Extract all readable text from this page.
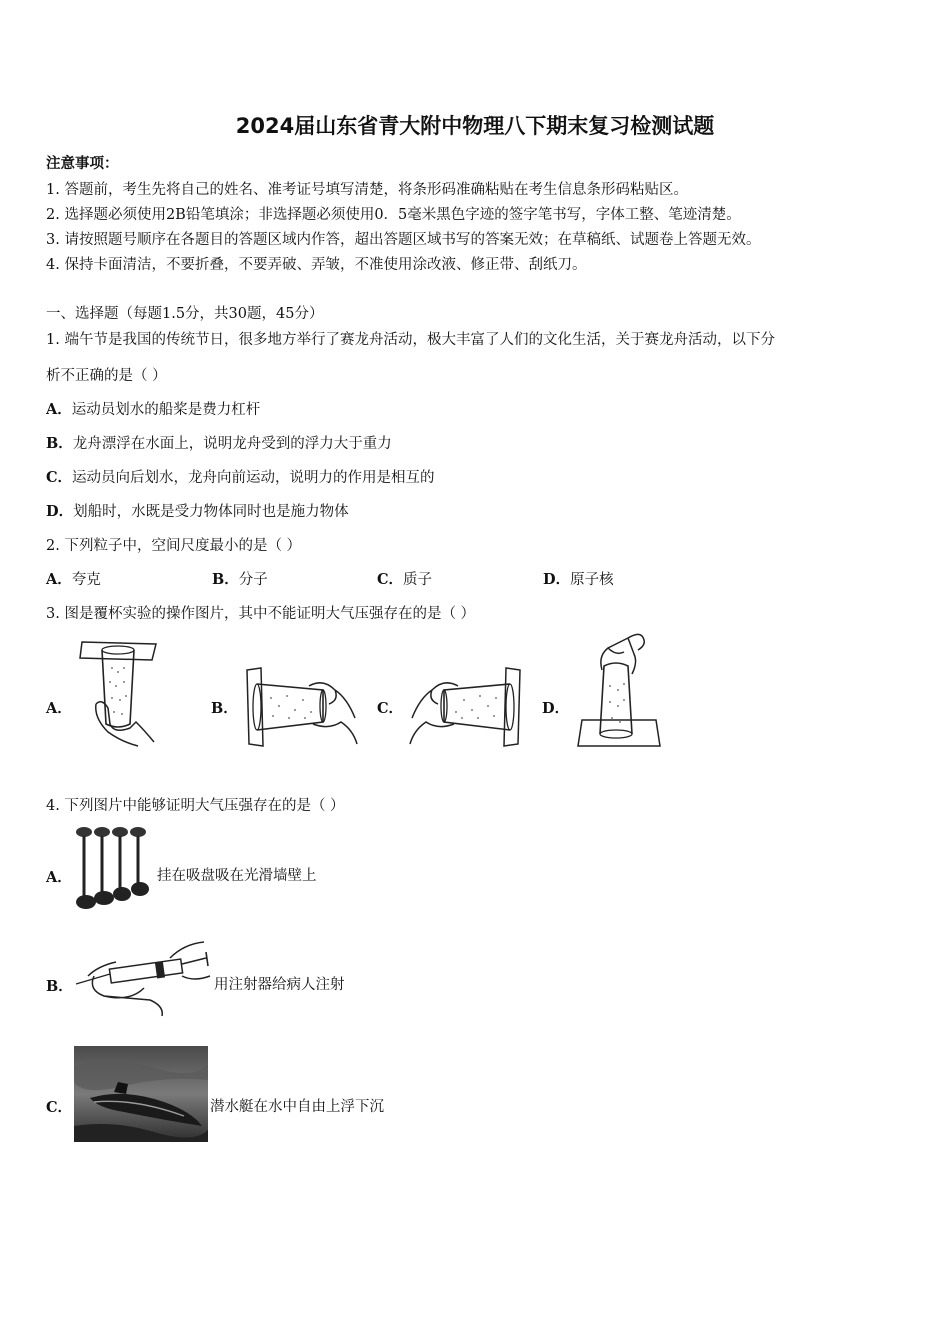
2024届山东省青大附中物理八下期末复习检测试题
注意事项：
1. 答题前，考生先将自己的姓名、准考证号填写清楚，将条形码准确粘贴在考生信息条形码粘贴区。
2. 选择题必须使用2B铅笔填涂；非选择题必须使用0．5毫米黑色字迹的签字笔书写，字体工整、笔迹清楚。
3. 请按照题号顺序在各题目的答题区域内作答，超出答题区域书写的答案无效；在草稿纸、试题卷上答题无效。
4. 保持卡面清洁，不要折叠，不要弄破、弄皱，不准使用涂改液、修正带、刮纸刀。
一、选择题（每题1.5分，共30题，45分）
1. 端午节是我国的传统节日，很多地方举行了赛龙舟活动，极大丰富了人们的文化生活，关于赛龙舟活动，以下分
析不正确的是（ ）
A．运动员划水的船桨是费力杠杆
B．龙舟漂浮在水面上，说明龙舟受到的浮力大于重力
C．运动员向后划水，龙舟向前运动，说明力的作用是相互的
D．划船时，水既是受力物体同时也是施力物体
2. 下列粒子中，空间尺度最小的是（ ）
A．夸克	B．分子	C．质子	D．原子核
3. 图是覆杯实验的操作图片，其中不能证明大气压强存在的是（ ）
A．	B．	C．	D．
4. 下列图片中能够证明大气压强存在的是（ ）
A．	挂在吸盘吸在光滑墙壁上
B．	用注射器给病人注射
C．	潜水艇在水中自由上浮下沉
